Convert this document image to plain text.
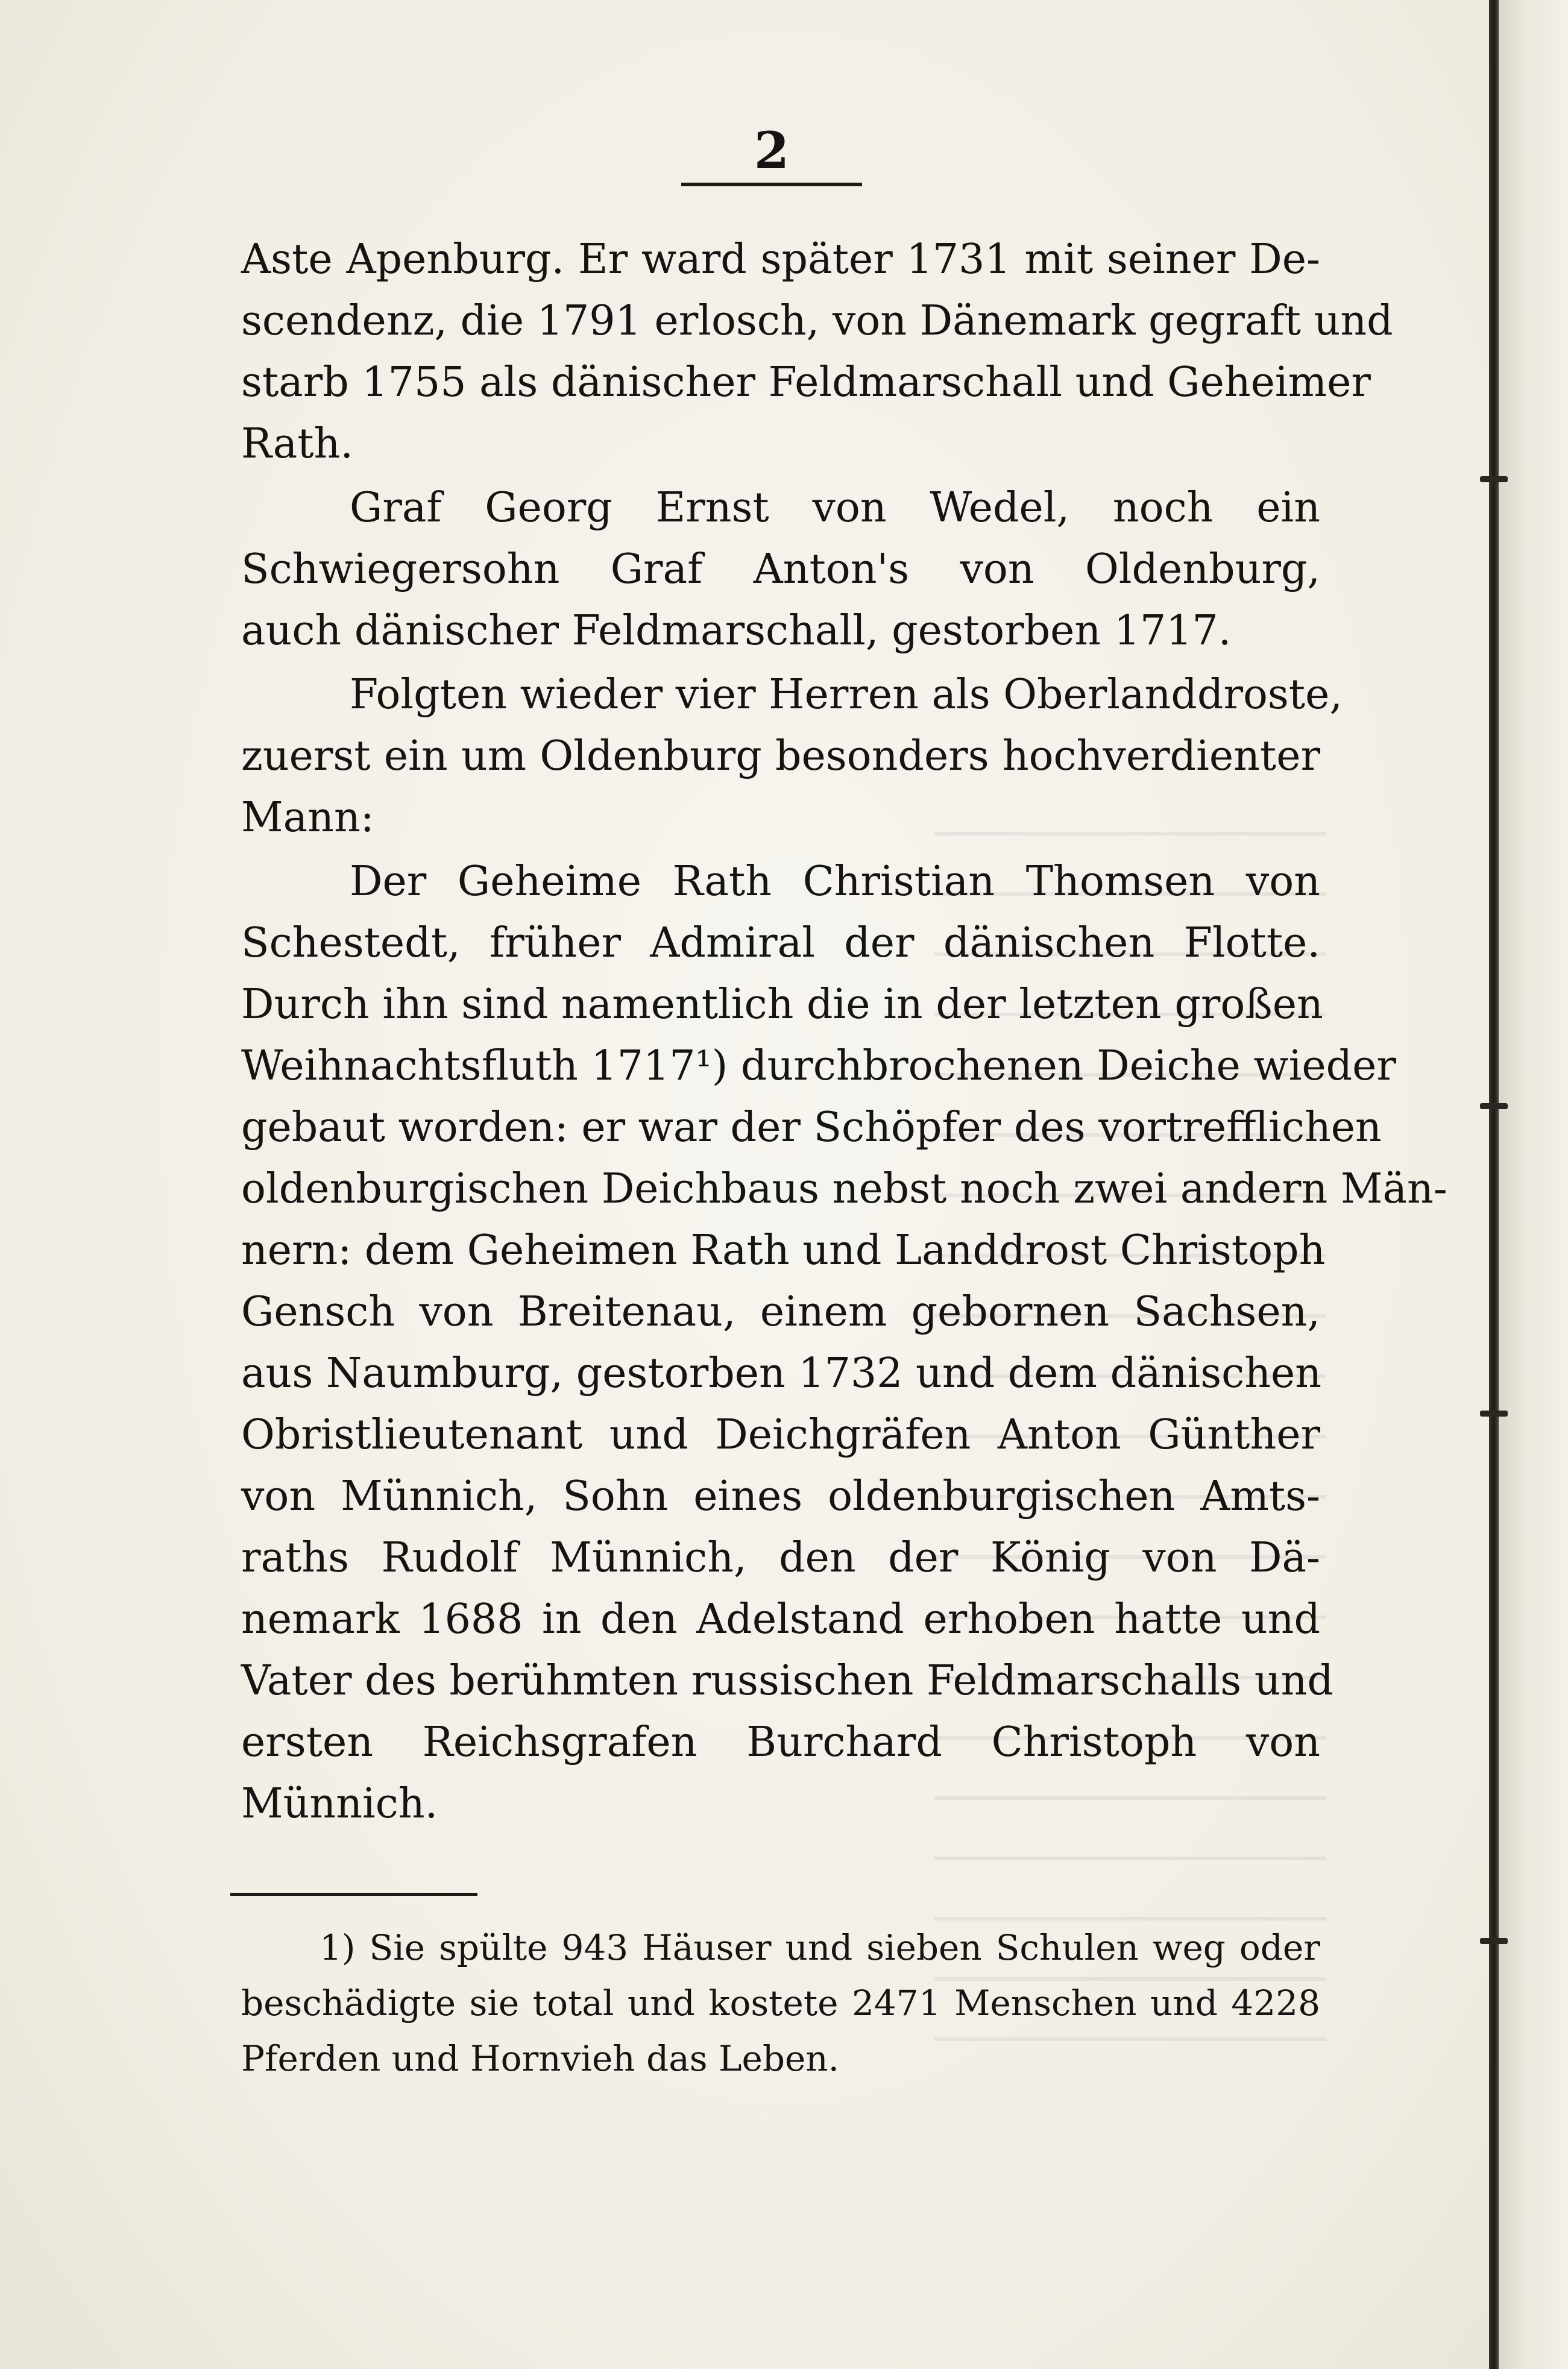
2
Aste Apenburg. Er ward später 1731 mit seiner De-
scendenz, die 1791 erlosch, von Dänemark gegraft und
starb 1755 als dänischer Feldmarschall und Geheimer
Rath.
Graf Georg Ernst von Wedel, noch ein
Schwiegersohn Graf Anton's von Oldenburg,
auch dänischer Feldmarschall, gestorben 1717.
Folgten wieder vier Herren als Oberlanddroste,
zuerst ein um Oldenburg besonders hochverdienter
Mann:
Der Geheime Rath Christian Thomsen von
Schestedt, früher Admiral der dänischen Flotte.
Durch ihn sind namentlich die in der letzten großen
Weihnachtsfluth 1717¹) durchbrochenen Deiche wieder
gebaut worden: er war der Schöpfer des vortrefflichen
oldenburgischen Deichbaus nebst noch zwei andern Män-
nern: dem Geheimen Rath und Landdrost Christoph
Gensch von Breitenau, einem gebornen Sachsen,
aus Naumburg, gestorben 1732 und dem dänischen
Obristlieutenant und Deichgräfen Anton Günther
von Münnich, Sohn eines oldenburgischen Amts-
raths Rudolf Münnich, den der König von Dä-
nemark 1688 in den Adelstand erhoben hatte und
Vater des berühmten russischen Feldmarschalls und
ersten Reichsgrafen Burchard Christoph von
Münnich.
1) Sie spülte 943 Häuser und sieben Schulen weg oder
beschädigte sie total und kostete 2471 Menschen und 4228
Pferden und Hornvieh das Leben.
